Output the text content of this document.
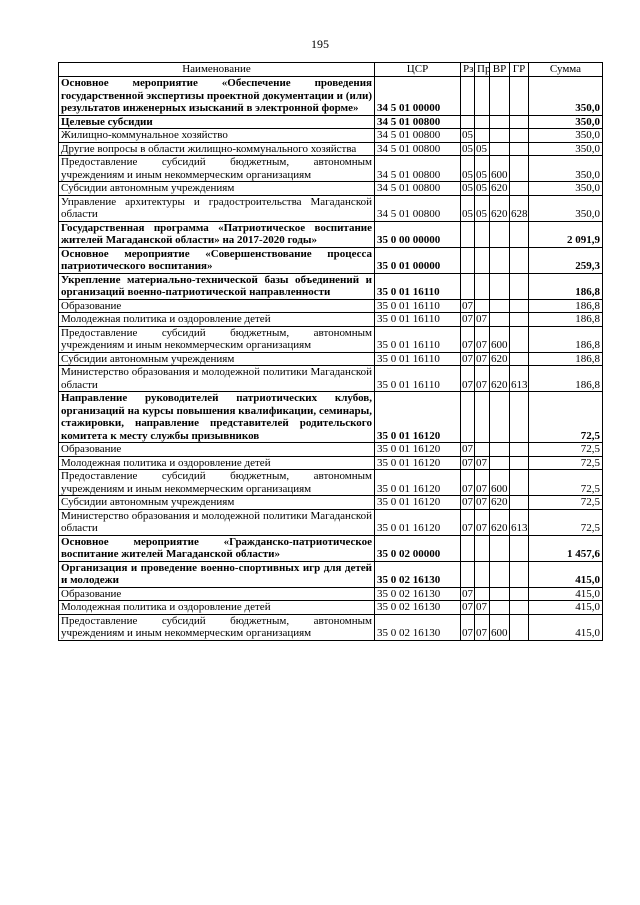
195
Наименование	ЦСР	Рз	Пр	ВР	ГР	Сумма
Основное мероприятие «Обеспечение проведения государственной экспертизы проектной документации и (или) результатов инженерных изысканий в электронной форме»	34 5 01 00000					350,0
Целевые субсидии	34 5 01 00800					350,0
Жилищно-коммунальное хозяйство	34 5 01 00800	05				350,0
Другие вопросы в области жилищно-коммунального хозяйства	34 5 01 00800	05	05			350,0
Предоставление субсидий бюджетным, автономным учреждениям и иным некоммерческим организациям	34 5 01 00800	05	05	600		350,0
Субсидии автономным учреждениям	34 5 01 00800	05	05	620		350,0
Управление архитектуры и градостроительства Магаданской области	34 5 01 00800	05	05	620	628	350,0
Государственная программа «Патриотическое воспитание жителей Магаданской области» на 2017-2020 годы»	35 0 00 00000					2 091,9
Основное мероприятие «Совершенствование процесса патриотического воспитания»	35 0 01 00000					259,3
Укрепление материально-технической базы объединений и организаций военно-патриотической направленности	35 0 01 16110					186,8
Образование	35 0 01 16110	07				186,8
Молодежная политика и оздоровление детей	35 0 01 16110	07	07			186,8
Предоставление субсидий бюджетным, автономным учреждениям и иным некоммерческим организациям	35 0 01 16110	07	07	600		186,8
Субсидии автономным учреждениям	35 0 01 16110	07	07	620		186,8
Министерство образования и молодежной политики Магаданской области	35 0 01 16110	07	07	620	613	186,8
Направление руководителей патриотических клубов, организаций на курсы повышения квалификации, семинары, стажировки, направление представителей родительского комитета к месту службы призывников	35 0 01 16120					72,5
Образование	35 0 01 16120	07				72,5
Молодежная политика и оздоровление детей	35 0 01 16120	07	07			72,5
Предоставление субсидий бюджетным, автономным учреждениям и иным некоммерческим организациям	35 0 01 16120	07	07	600		72,5
Субсидии автономным учреждениям	35 0 01 16120	07	07	620		72,5
Министерство образования и молодежной политики Магаданской области	35 0 01 16120	07	07	620	613	72,5
Основное мероприятие «Гражданско-патриотическое воспитание жителей Магаданской области»	35 0 02 00000					1 457,6
Организация и проведение военно-спортивных игр для детей и молодежи	35 0 02 16130					415,0
Образование	35 0 02 16130	07				415,0
Молодежная политика и оздоровление детей	35 0 02 16130	07	07			415,0
Предоставление субсидий бюджетным, автономным учреждениям и иным некоммерческим организациям	35 0 02 16130	07	07	600		415,0
